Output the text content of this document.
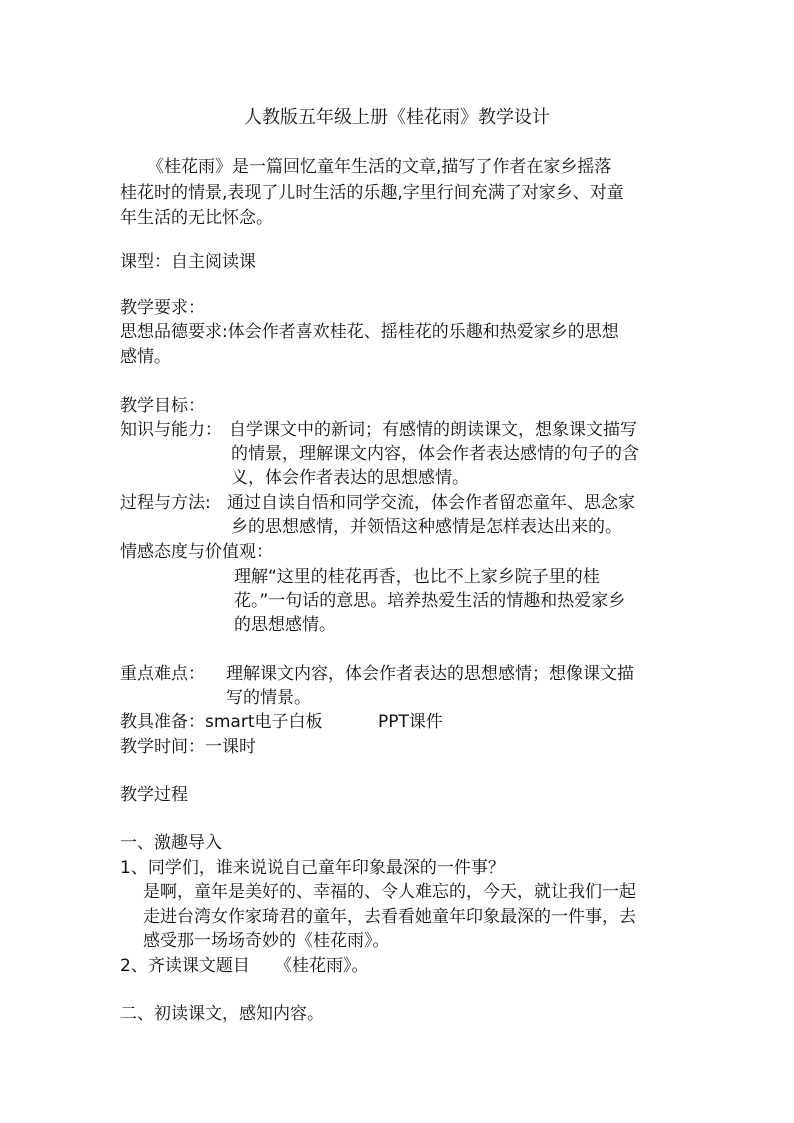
人教版五年级上册《桂花雨》教学设计
《桂花雨》是一篇回忆童年生活的文章,描写了作者在家乡摇落
桂花时的情景,表现了儿时生活的乐趣,字里行间充满了对家乡、对童
年生活的无比怀念。
课型：自主阅读课
教学要求：
思想品德要求:体会作者喜欢桂花、摇桂花的乐趣和热爱家乡的思想
感情。
教学目标：
知识与能力： 自学课文中的新词；有感情的朗读课文，想象课文描写
的情景，理解课文内容，体会作者表达感情的句子的含
义，体会作者表达的思想感情。
过程与方法: 通过自读自悟和同学交流，体会作者留恋童年、思念家
乡的思想感情，并领悟这种感情是怎样表达出来的。
情感态度与价值观：
理解“这里的桂花再香，也比不上家乡院子里的桂
花。”一句话的意思。培养热爱生活的情趣和热爱家乡
的思想感情。
重点难点： 理解课文内容，体会作者表达的思想感情；想像课文描
写的情景。
教具准备：smart电子白板	PPT课件
教学时间：一课时
教学过程
一、激趣导入
1、同学们，谁来说说自己童年印象最深的一件事？
是啊，童年是美好的、幸福的、令人难忘的，今天，就让我们一起
走进台湾女作家琦君的童年，去看看她童年印象最深的一件事，去
感受那一场场奇妙的《桂花雨》。
2、齐读课文题目 《桂花雨》。
二、初读课文，感知内容。
